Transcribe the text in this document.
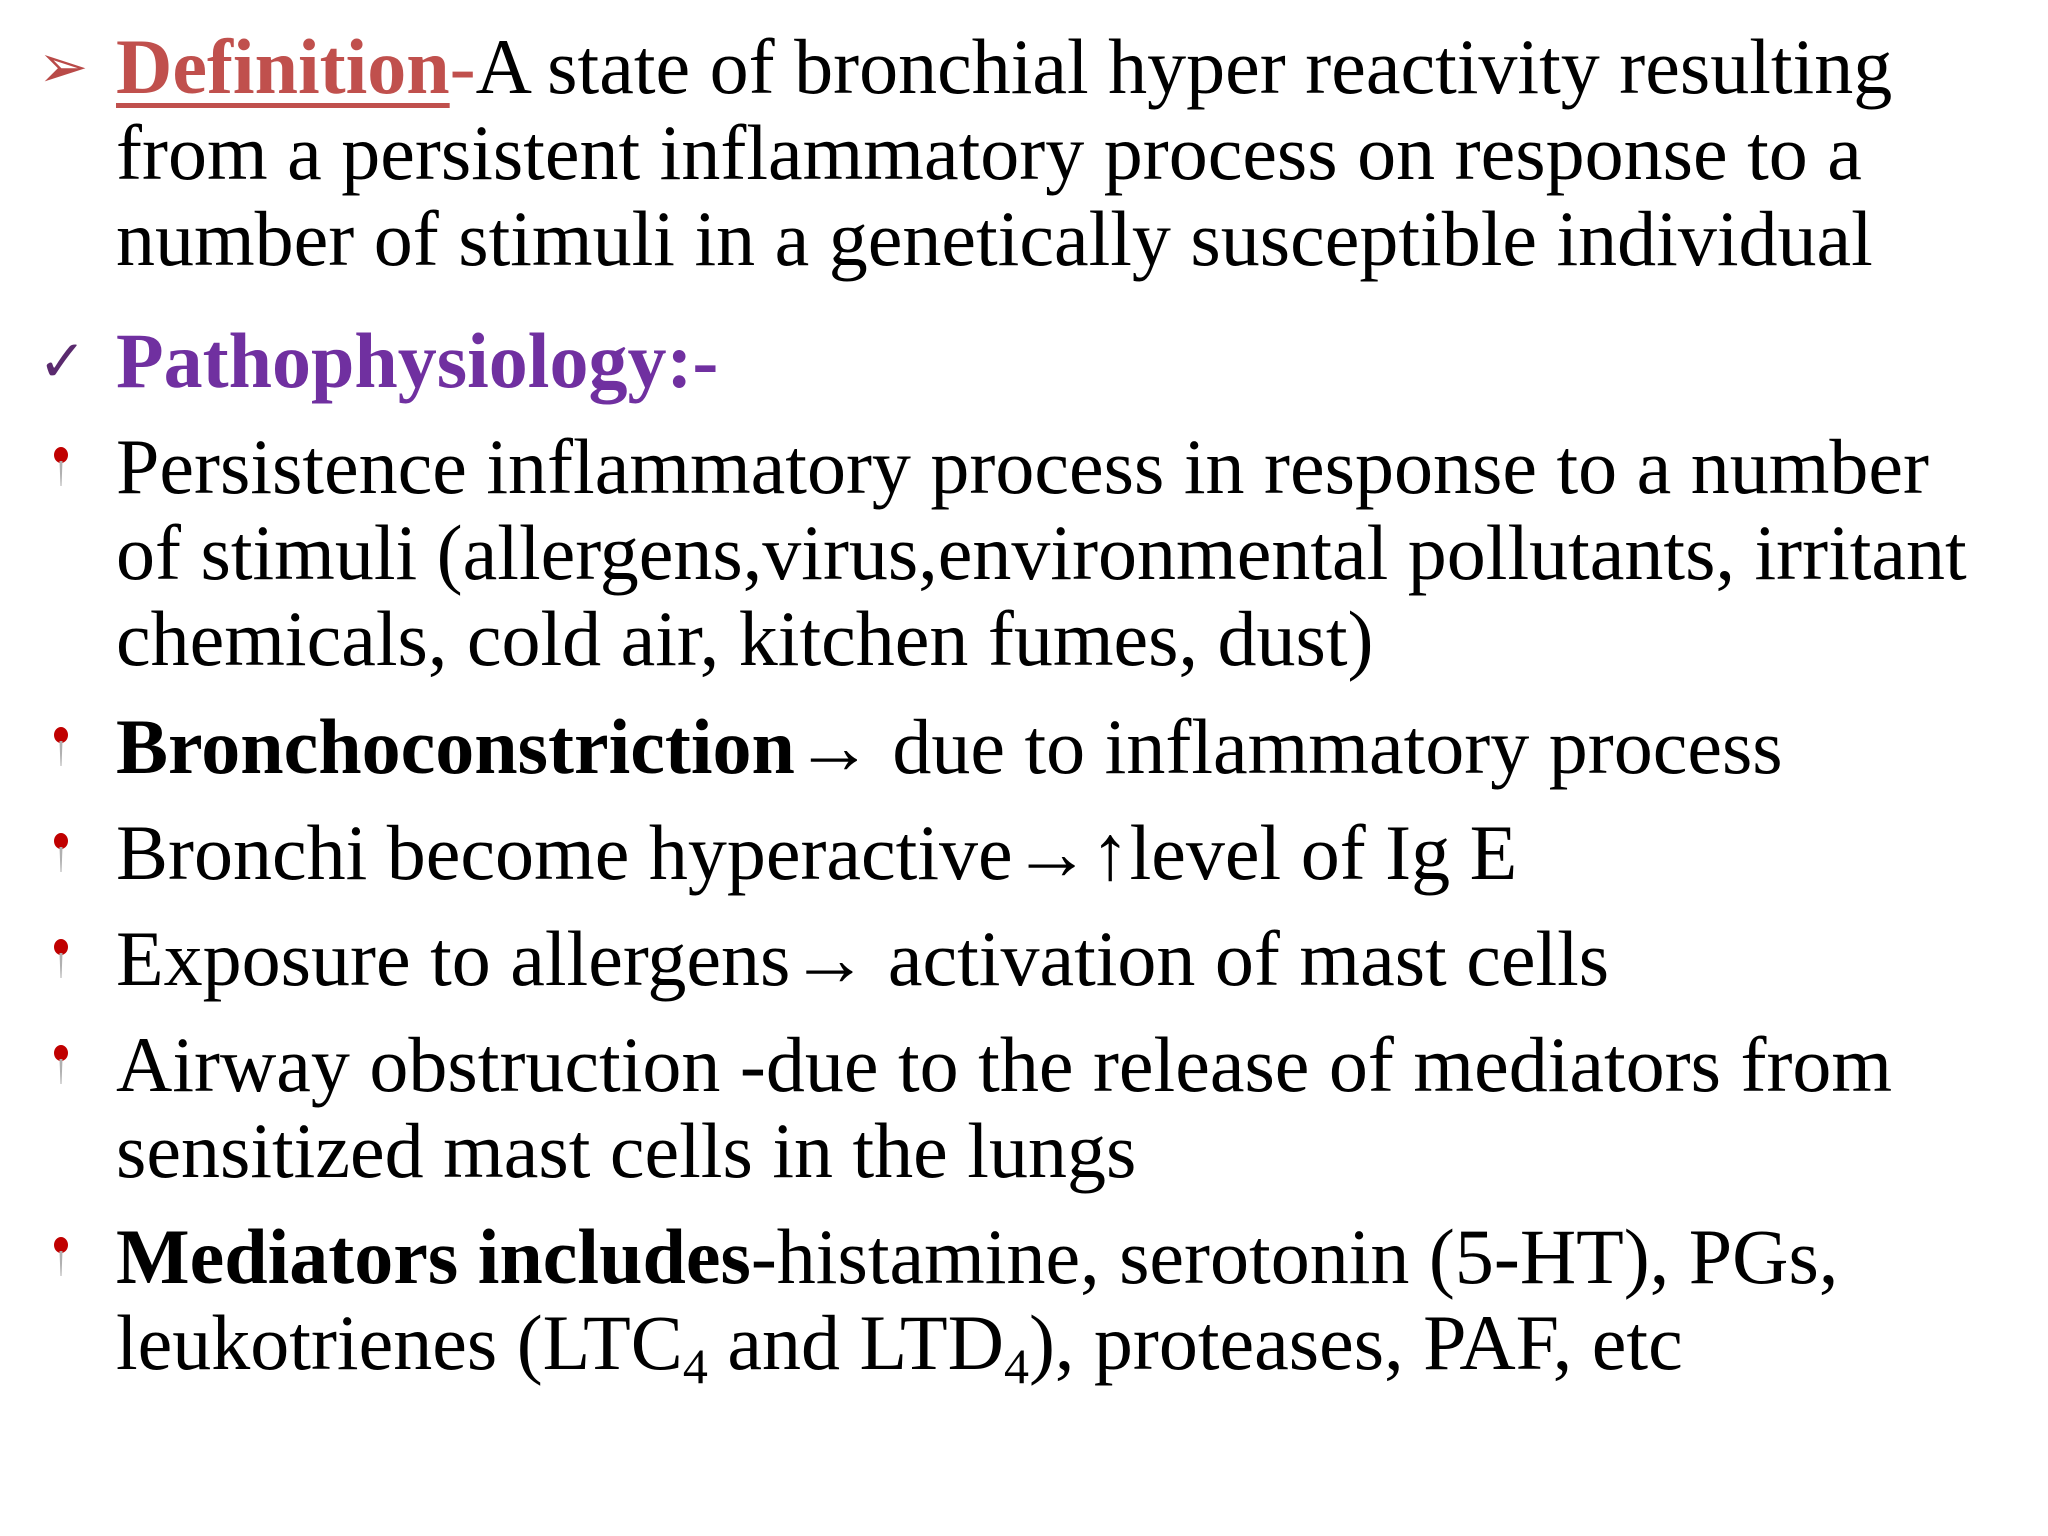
➢ Definition-A state of bronchial hyper reactivity resulting
from a persistent inflammatory process on response to a
number of stimuli in a genetically susceptible individual
✓ Pathophysiology:-
Persistence inflammatory process in response to a number
of stimuli (allergens,virus,environmental pollutants, irritant
chemicals, cold air, kitchen fumes, dust)
Bronchoconstriction→ due to inflammatory process
Bronchi become hyperactive→↑level of Ig E
Exposure to allergens→ activation of mast cells
Airway obstruction -due to the release of mediators from
sensitized mast cells in the lungs
Mediators includes-histamine, serotonin (5-HT), PGs,
leukotrienes ($LTC_4$ and $LTD_4$), proteases, PAF, etc
